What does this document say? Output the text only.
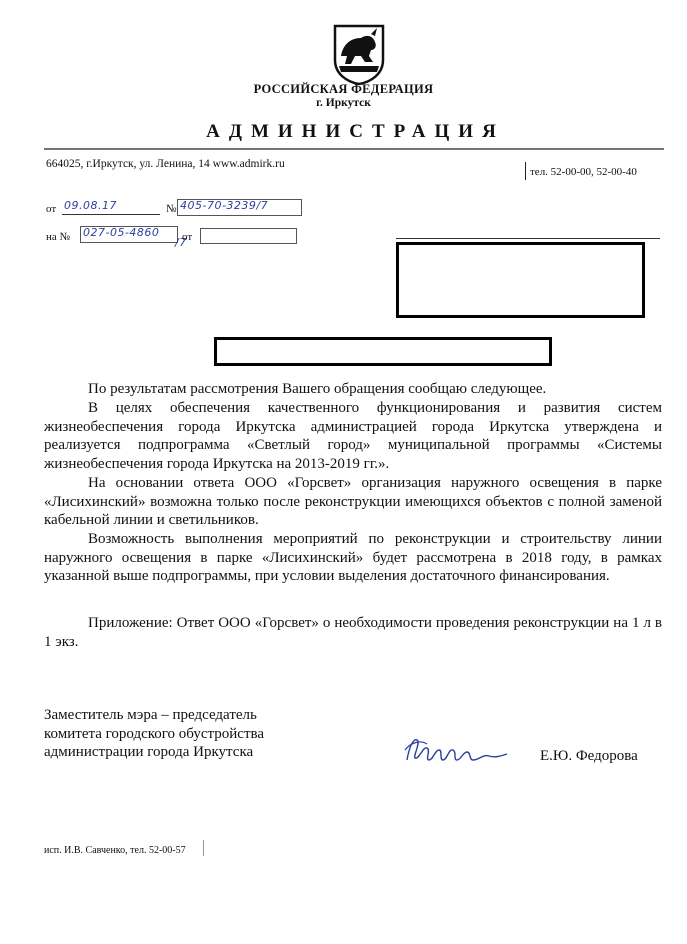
РОССИЙСКАЯ ФЕДЕРАЦИЯ
г. Иркутск
АДМИНИСТРАЦИЯ
664025, г.Иркутск, ул. Ленина, 14 www.admirk.ru
тел. 52-00-00, 52-00-40
от 09.08.17	№ 405-70-3239/7
на № 027-05-4860
/7
от

По результатам рассмотрения Вашего обращения сообщаю следующее.

В целях обеспечения качественного функционирования и развития систем жизнеобеспечения города Иркутска администрацией города Иркутска утверждена и реализуется подпрограмма «Светлый город» муниципальной программы «Системы жизнеобеспечения города Иркутска на 2013-2019 гг.».

На основании ответа ООО «Горсвет» организация наружного освещения в парке «Лисихинский» возможна только после реконструкции имеющихся объектов с полной заменой кабельной линии и светильников.

Возможность выполнения мероприятий по реконструкции и строительству линии наружного освещения в парке «Лисихинский» будет рассмотрена в 2018 году, в рамках указанной выше подпрограммы, при условии выделения достаточного финансирования.

Приложение: Ответ ООО «Горсвет» о необходимости проведения реконструкции на 1 л в 1 экз.

Заместитель мэра – председатель
комитета городского обустройства
администрации города Иркутска	Е.Ю. Федорова
исп. И.В. Савченко, тел. 52-00-57
